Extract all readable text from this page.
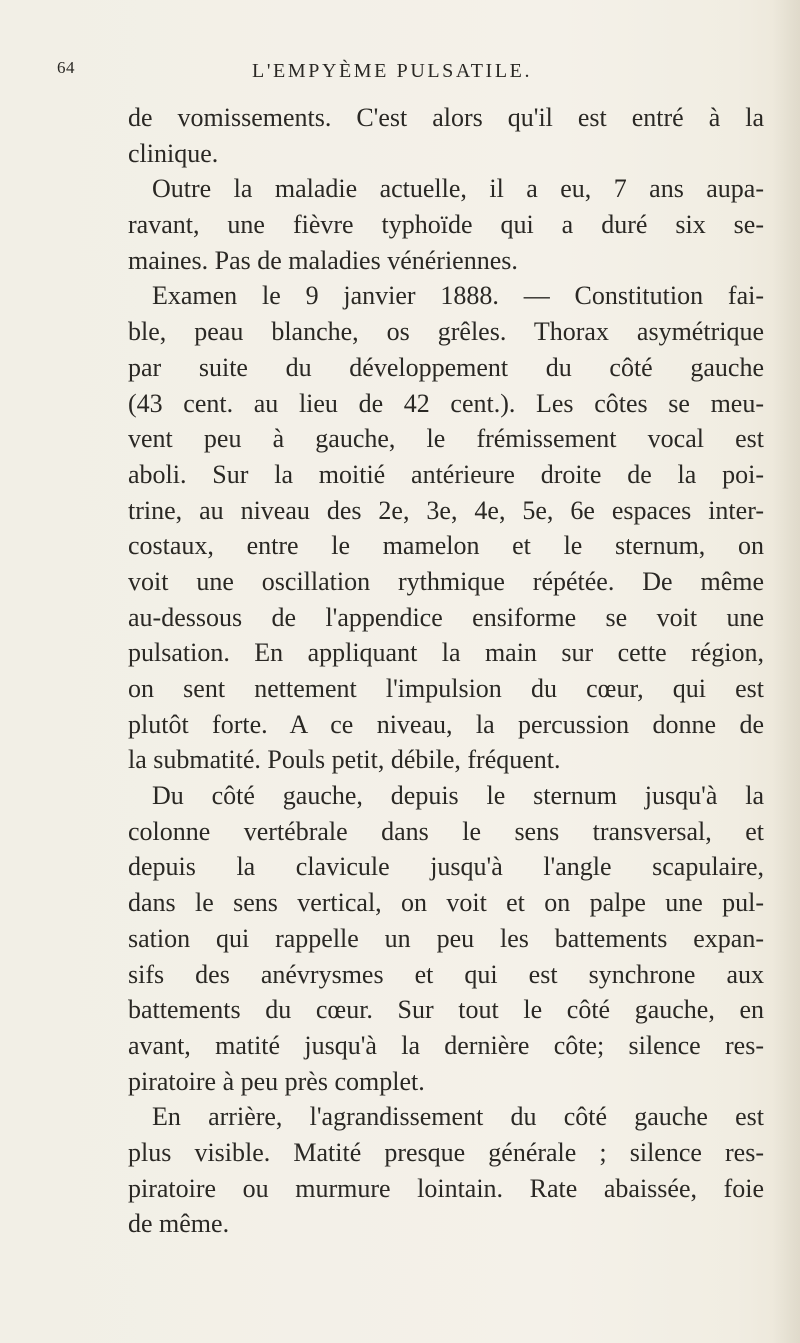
64	L'EMPYÈME PULSATILE.
de vomissements. C'est alors qu'il est entré à la
clinique.
Outre la maladie actuelle, il a eu, 7 ans aupa-
ravant, une fièvre typhoïde qui a duré six se-
maines. Pas de maladies vénériennes.
Examen le 9 janvier 1888. — Constitution fai-
ble, peau blanche, os grêles. Thorax asymétrique
par suite du développement du côté gauche
(43 cent. au lieu de 42 cent.). Les côtes se meu-
vent peu à gauche, le frémissement vocal est
aboli. Sur la moitié antérieure droite de la poi-
trine, au niveau des 2e, 3e, 4e, 5e, 6e espaces inter-
costaux, entre le mamelon et le sternum, on
voit une oscillation rythmique répétée. De même
au-dessous de l'appendice ensiforme se voit une
pulsation. En appliquant la main sur cette région,
on sent nettement l'impulsion du cœur, qui est
plutôt forte. A ce niveau, la percussion donne de
la submatité. Pouls petit, débile, fréquent.
Du côté gauche, depuis le sternum jusqu'à la
colonne vertébrale dans le sens transversal, et
depuis la clavicule jusqu'à l'angle scapulaire,
dans le sens vertical, on voit et on palpe une pul-
sation qui rappelle un peu les battements expan-
sifs des anévrysmes et qui est synchrone aux
battements du cœur. Sur tout le côté gauche, en
avant, matité jusqu'à la dernière côte; silence res-
piratoire à peu près complet.
En arrière, l'agrandissement du côté gauche est
plus visible. Matité presque générale ; silence res-
piratoire ou murmure lointain. Rate abaissée, foie
de même.
